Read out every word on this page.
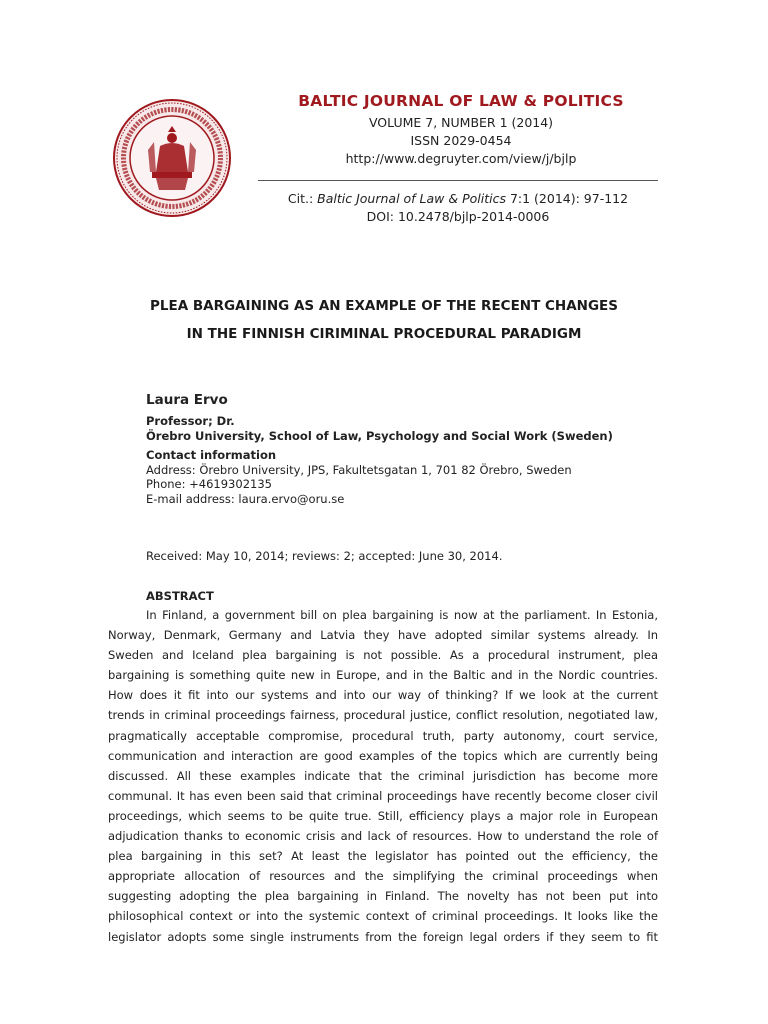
BALTIC JOURNAL OF LAW & POLITICS
VOLUME 7, NUMBER 1 (2014)
ISSN 2029-0454
http://www.degruyter.com/view/j/bjlp
Cit.: Baltic Journal of Law & Politics 7:1 (2014): 97-112
DOI: 10.2478/bjlp-2014-0006
PLEA BARGAINING AS AN EXAMPLE OF THE RECENT CHANGES
IN THE FINNISH CIRIMINAL PROCEDURAL PARADIGM
Laura Ervo
Professor; Dr.
Örebro University, School of Law, Psychology and Social Work (Sweden)
Contact information
Address: Örebro University, JPS, Fakultetsgatan 1, 701 82 Örebro, Sweden
Phone: +4619302135
E-mail address: laura.ervo@oru.se
Received: May 10, 2014; reviews: 2; accepted: June 30, 2014.
ABSTRACT
In Finland, a government bill on plea bargaining is now at the parliament. In Estonia,
Norway, Denmark, Germany and Latvia they have adopted similar systems already. In
Sweden and Iceland plea bargaining is not possible. As a procedural instrument, plea
bargaining is something quite new in Europe, and in the Baltic and in the Nordic countries.
How does it fit into our systems and into our way of thinking? If we look at the current
trends in criminal proceedings fairness, procedural justice, conflict resolution, negotiated law,
pragmatically acceptable compromise, procedural truth, party autonomy, court service,
communication and interaction are good examples of the topics which are currently being
discussed. All these examples indicate that the criminal jurisdiction has become more
communal. It has even been said that criminal proceedings have recently become closer civil
proceedings, which seems to be quite true. Still, efficiency plays a major role in European
adjudication thanks to economic crisis and lack of resources. How to understand the role of
plea bargaining in this set? At least the legislator has pointed out the efficiency, the
appropriate allocation of resources and the simplifying the criminal proceedings when
suggesting adopting the plea bargaining in Finland. The novelty has not been put into
philosophical context or into the systemic context of criminal proceedings. It looks like the
legislator adopts some single instruments from the foreign legal orders if they seem to fit
